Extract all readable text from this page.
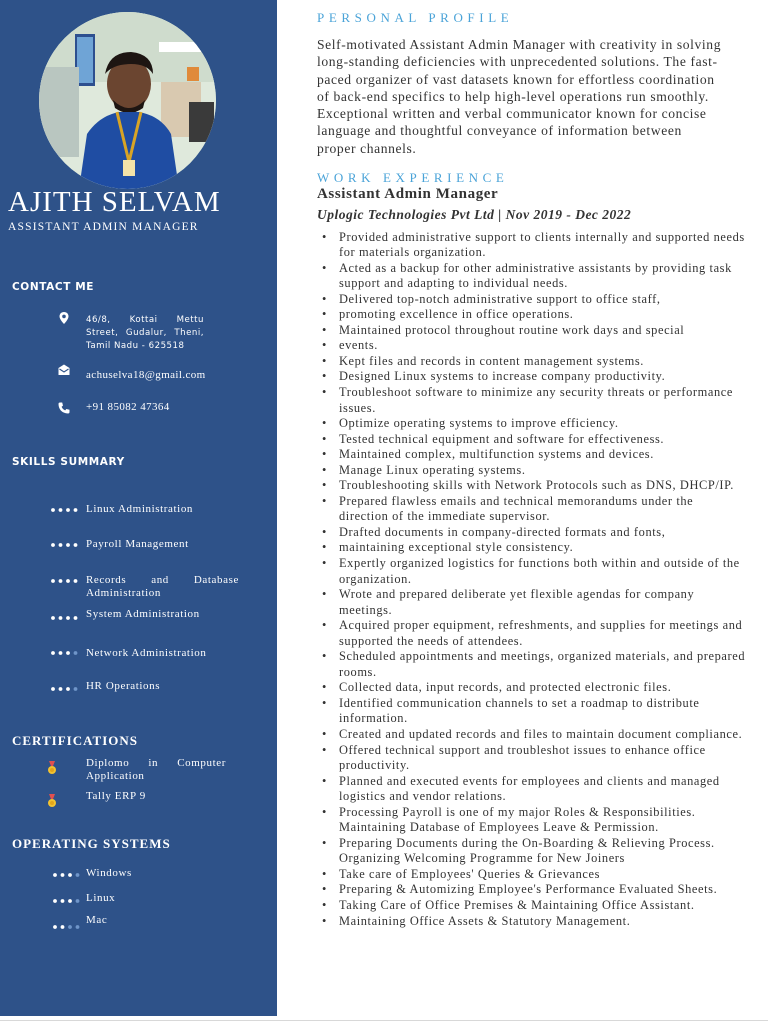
AJITH SELVAM
ASSISTANT ADMIN MANAGER
CONTACT ME
46/8, Kottai Mettu Street, Gudalur, Theni, Tamil Nadu - 625518
achuselva18@gmail.com
+91 85082 47364
SKILLS SUMMARY
Linux Administration
Payroll Management
Records and Database Administration
System Administration
Network Administration
HR Operations
CERTIFICATIONS
Diplomo in Computer Application
Tally ERP 9
OPERATING SYSTEMS
Windows
Linux
Mac
PERSONAL PROFILE

Self-motivated Assistant Admin Manager with creativity in solving long-standing deficiencies with unprecedented solutions. The fast-paced organizer of vast datasets known for effortless coordination of back-end specifics to help high-level operations run smoothly. Exceptional written and verbal communicator known for concise language and thoughtful conveyance of information between proper channels.

WORK EXPERIENCE
Assistant Admin Manager
Uplogic Technologies Pvt Ltd | Nov 2019 - Dec 2022
• Provided administrative support to clients internally and supported needs for materials organization.
• Acted as a backup for other administrative assistants by providing task support and adapting to individual needs.
• Delivered top-notch administrative support to office staff,
• promoting excellence in office operations.
• Maintained protocol throughout routine work days and special
• events.
• Kept files and records in content management systems.
• Designed Linux systems to increase company productivity.
• Troubleshoot software to minimize any security threats or performance issues.
• Optimize operating systems to improve efficiency.
• Tested technical equipment and software for effectiveness.
• Maintained complex, multifunction systems and devices.
• Manage Linux operating systems.
• Troubleshooting skills with Network Protocols such as DNS, DHCP/IP.
• Prepared flawless emails and technical memorandums under the direction of the immediate supervisor.
• Drafted documents in company-directed formats and fonts,
• maintaining exceptional style consistency.
• Expertly organized logistics for functions both within and outside of the organization.
• Wrote and prepared deliberate yet flexible agendas for company meetings.
• Acquired proper equipment, refreshments, and supplies for meetings and supported the needs of attendees.
• Scheduled appointments and meetings, organized materials, and prepared rooms.
• Collected data, input records, and protected electronic files.
• Identified communication channels to set a roadmap to distribute information.
• Created and updated records and files to maintain document compliance.
• Offered technical support and troubleshot issues to enhance office productivity.
• Planned and executed events for employees and clients and managed logistics and vendor relations.
• Processing Payroll is one of my major Roles & Responsibilities. Maintaining Database of Employees Leave & Permission.
• Preparing Documents during the On-Boarding & Relieving Process. Organizing Welcoming Programme for New Joiners
• Take care of Employees' Queries & Grievances
• Preparing & Automizing Employee's Performance Evaluated Sheets.
• Taking Care of Office Premises & Maintaining Office Assistant.
• Maintaining Office Assets & Statutory Management.
